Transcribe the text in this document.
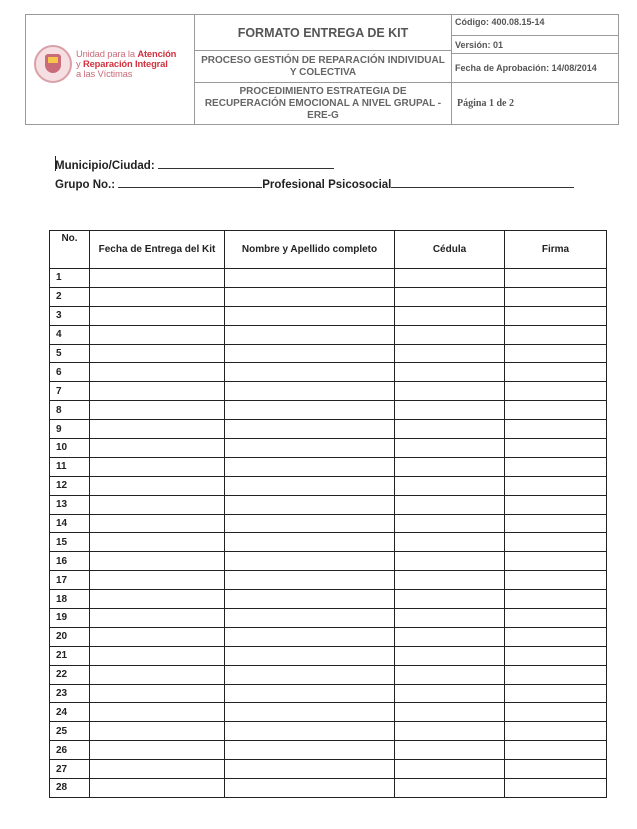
Unidad para la Atención
y Reparación Integral
a las Víctimas
FORMATO ENTREGA DE KIT
PROCESO GESTIÓN DE REPARACIÓN INDIVIDUAL Y COLECTIVA
PROCEDIMIENTO ESTRATEGIA DE RECUPERACIÓN EMOCIONAL A NIVEL GRUPAL -ERE-G
Código: 400.08.15-14
Versión: 01
Fecha de Aprobación: 14/08/2014
Página 1 de 2
Municipio/Ciudad:
Grupo No.:	Profesional Psicosocial
No.	Fecha de Entrega del Kit	Nombre y Apellido completo	Cédula	Firma
1				
2				
3				
4				
5				
6				
7				
8				
9				
10				
11				
12				
13				
14				
15				
16				
17				
18				
19				
20				
21				
22				
23				
24				
25				
26				
27				
28				
